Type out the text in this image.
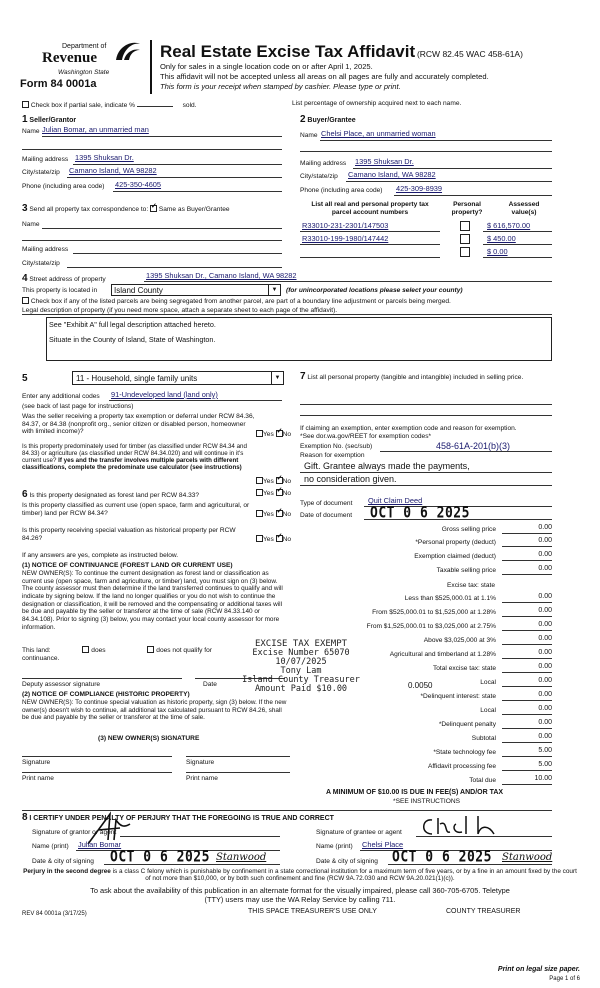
Department of
Revenue
Washington State
Form 84 0001a
Real Estate Excise Tax Affidavit (RCW 82.45 WAC 458-61A)
Only for sales in a single location code on or after April 1, 2025.
This affidavit will not be accepted unless all areas on all pages are fully and accurately completed.
This form is your receipt when stamped by cashier. Please type or print.
Check box if partial sale, indicate %	sold.	List percentage of ownership acquired next to each name.
1 Seller/Grantor
Name Julian Bomar, an unmarried man
Mailing address 1395 Shuksan Dr.
City/state/zip Camano Island, WA 98282
Phone (including area code) 425-350-4605
2 Buyer/Grantee
Name Chelsi Place, an unmarried woman
Mailing address 1395 Shuksan Dr.
City/state/zip Camano Island, WA 98282
Phone (including area code) 425-309-8939
3 Send all property tax correspondence to: ✓ Same as Buyer/Grantee
Name
Mailing address
City/state/zip
List all real and personal property tax
parcel account numbers
Personal
property?
Assessed
value(s)
R33010-231-2301/147503	$ 616,570.00
R33010-199-1980/147442	$ 450.00
$ 0.00
4 Street address of property	1395 Shuksan Dr., Camano Island, WA 98282
This property is located in Island County	▼	(for unincorporated locations please select your county)
Check box if any of the listed parcels are being segregated from another parcel, are part of a boundary line adjustment or parcels being merged.
Legal description of property (if you need more space, attach a separate sheet to each page of the affidavit).
See "Exhibit A" full legal description attached hereto.
Situate in the County of Island, State of Washington.
5	11 - Household, single family units	▼
Enter any additional codes 91-Undeveloped land (land only)
(see back of last page for instructions)
Was the seller receiving a property tax exemption or deferral under RCW 84.36, 84.37, or 84.38 (nonprofit org., senior citizen or disabled person, homeowner with limited income)?	Yes ✓ No
Is this property predominately used for timber (as classified under RCW 84.34 and 84.33) or agriculture (as classified under RCW 84.34.020) and will continue in it's current use? If yes and the transfer involves multiple parcels with different classifications, complete the predominate use calculator (see instructions)
Yes ✓ No
6 Is this property designated as forest land per RCW 84.33?	Yes ✓ No
Is this property classified as current use (open space, farm and agricultural, or timber) land per RCW 84.34?	Yes ✓ No
Is this property receiving special valuation as historical property per RCW 84.26?	Yes ✓ No
If any answers are yes, complete as instructed below.
(1) NOTICE OF CONTINUANCE (FOREST LAND OR CURRENT USE)
NEW OWNER(S): To continue the current designation as forest land or classification as current use (open space, farm and agriculture, or timber) land, you must sign on (3) below. The county assessor must then determine if the land transferred continues to qualify and will indicate by signing below. If the land no longer qualifies or you do not wish to continue the designation or classification, it will be removed and the compensating or additional taxes will be due and payable by the seller or transferor at the time of sale (RCW 84.33.140 or 84.34.108). Prior to signing (3) below, you may contact your local county assessor for more information.
This land:	does	does not qualify for
continuance.
Deputy assessor signature	Date
(2) NOTICE OF COMPLIANCE (HISTORIC PROPERTY)
NEW OWNER(S): To continue special valuation as historic property, sign (3) below. If the new owner(s) doesn't wish to continue, all additional tax calculated pursuant to RCW 84.26, shall be due and payable by the seller or transferor at the time of sale.
(3) NEW OWNER(S) SIGNATURE
Signature	Signature
Print name	Print name
7 List all personal property (tangible and intangible) included in selling price.
If claiming an exemption, enter exemption code and reason for exemption. *See dor.wa.gov/REET for exemption codes*
Exemption No. (sec/sub)	458-61A-201(b)(3)
Reason for exemption
Gift. Grantee always made the payments,
no consideration given.
Type of document Quit Claim Deed
Date of document OCT 0 6 2025
Gross selling price	0.00
*Personal property (deduct)	0.00
Exemption claimed (deduct)	0.00
Taxable selling price	0.00
Excise tax: state
Less than $525,000.01 at 1.1%	0.00
From $525,000.01 to $1,525,000 at 1.28%	0.00
From $1,525,000.01 to $3,025,000 at 2.75%	0.00
Above $3,025,000 at 3%	0.00
Agricultural and timberland at 1.28%	0.00
Total excise tax: state	0.00
0.0050	Local	0.00
*Delinquent interest: state	0.00
Local	0.00
*Delinquent penalty	0.00
Subtotal	0.00
*State technology fee	5.00
Affidavit processing fee	5.00
Total due	10.00
A MINIMUM OF $10.00 IS DUE IN FEE(S) AND/OR TAX
*SEE INSTRUCTIONS
EXCISE TAX EXEMPT
Excise Number 65070
10/07/2025
Tony Lam
Island County Treasurer
Amount Paid $10.00
8 I CERTIFY UNDER PENALTY OF PERJURY THAT THE FOREGOING IS TRUE AND CORRECT
Signature of grantor or agent
Name (print) Julian Bomar
Date & city of signing OCT 0 6 2025 Stanwood
Signature of grantee or agent
Name (print) Chelsi Place
Date & city of signing OCT 0 6 2025 Stanwood
Perjury in the second degree is a class C felony which is punishable by confinement in a state correctional institution for a maximum term of five years, or by a fine in an amount fixed by the court of not more than $10,000, or by both such confinement and fine (RCW 9A.72.030 and RCW 9A.20.021(1)(c)).
To ask about the availability of this publication in an alternate format for the visually impaired, please call 360-705-6705. Teletype
(TTY) users may use the WA Relay Service by calling 711.
REV 84 0001a (3/17/25)	THIS SPACE TREASURER'S USE ONLY	COUNTY TREASURER
Print on legal size paper.
Page 1 of 6
